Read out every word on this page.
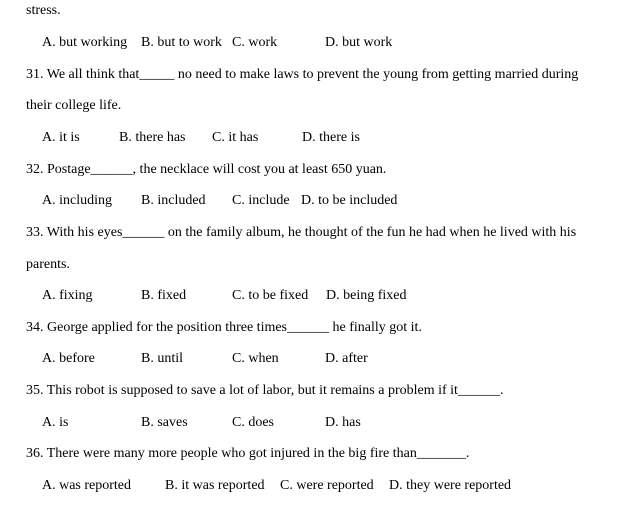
stress.
A. but working B. but to work C. work	D. but work
31. We all think that_____ no need to make laws to prevent the young from getting married during
their college life.
A. it is	B. there has C. it has	D. there is
32. Postage______, the necklace will cost you at least 650 yuan.
A. including B. included C. include D. to be included
33. With his eyes______ on the family album, he thought of the fun he had when he lived with his
parents.
A. fixing	B. fixed	C. to be fixed D. being fixed
34. George applied for the position three times______ he finally got it.
A. before	B. until	C. when	D. after
35. This robot is supposed to save a lot of labor, but it remains a problem if it______.
A. is	B. saves	C. does	D. has
36. There were many more people who got injured in the big fire than_______.
A. was reported B. it was reported C. were reported D. they were reported
